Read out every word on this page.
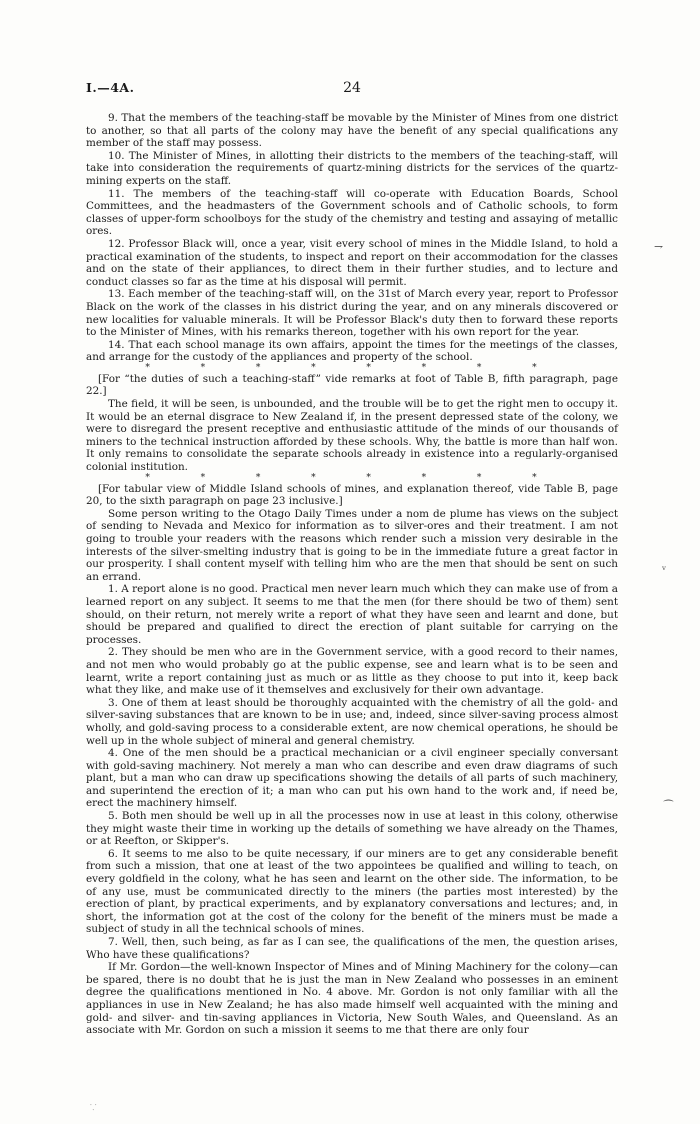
I.—4A.	24

9. That the members of the teaching-staff be movable by the Minister of Mines from one district to another, so that all parts of the colony may have the benefit of any special qualifications any member of the staff may possess.

10. The Minister of Mines, in allotting their districts to the members of the teaching-staff, will take into consideration the requirements of quartz-mining districts for the services of the quartz-mining experts on the staff.

11. The members of the teaching-staff will co-operate with Education Boards, School Committees, and the headmasters of the Government schools and of Catholic schools, to form classes of upper-form schoolboys for the study of the chemistry and testing and assaying of metallic ores.

12. Professor Black will, once a year, visit every school of mines in the Middle Island, to hold a practical examination of the students, to inspect and report on their accommodation for the classes and on the state of their appliances, to direct them in their further studies, and to lecture and conduct classes so far as the time at his disposal will permit.

13. Each member of the teaching-staff will, on the 31st of March every year, report to Professor Black on the work of the classes in his district during the year, and on any minerals discovered or new localities for valuable minerals. It will be Professor Black's duty then to forward these reports to the Minister of Mines, with his remarks thereon, together with his own report for the year.

14. That each school manage its own affairs, appoint the times for the meetings of the classes, and arrange for the custody of the appliances and property of the school.

*	*	*	*	*	*	*	*

[For “the duties of such a teaching-staff” vide remarks at foot of Table B, fifth paragraph, page 22.]

The field, it will be seen, is unbounded, and the trouble will be to get the right men to occupy it. It would be an eternal disgrace to New Zealand if, in the present depressed state of the colony, we were to disregard the present receptive and enthusiastic attitude of the minds of our thousands of miners to the technical instruction afforded by these schools. Why, the battle is more than half won. It only remains to consolidate the separate schools already in existence into a regularly-organised colonial institution.

*	*	*	*	*	*	*	*

[For tabular view of Middle Island schools of mines, and explanation thereof, vide Table B, page 20, to the sixth paragraph on page 23 inclusive.]

Some person writing to the Otago Daily Times under a nom de plume has views on the subject of sending to Nevada and Mexico for information as to silver-ores and their treatment. I am not going to trouble your readers with the reasons which render such a mission very desirable in the interests of the silver-smelting industry that is going to be in the immediate future a great factor in our prosperity. I shall content myself with telling him who are the men that should be sent on such an errand.

1. A report alone is no good. Practical men never learn much which they can make use of from a learned report on any subject. It seems to me that the men (for there should be two of them) sent should, on their return, not merely write a report of what they have seen and learnt and done, but should be prepared and qualified to direct the erection of plant suitable for carrying on the processes.

2. They should be men who are in the Government service, with a good record to their names, and not men who would probably go at the public expense, see and learn what is to be seen and learnt, write a report containing just as much or as little as they choose to put into it, keep back what they like, and make use of it themselves and exclusively for their own advantage.

3. One of them at least should be thoroughly acquainted with the chemistry of all the gold- and silver-saving substances that are known to be in use; and, indeed, since silver-saving process almost wholly, and gold-saving process to a considerable extent, are now chemical operations, he should be well up in the whole subject of mineral and general chemistry.

4. One of the men should be a practical mechanician or a civil engineer specially conversant with gold-saving machinery. Not merely a man who can describe and even draw diagrams of such plant, but a man who can draw up specifications showing the details of all parts of such machinery, and superintend the erection of it; a man who can put his own hand to the work and, if need be, erect the machinery himself.

5. Both men should be well up in all the processes now in use at least in this colony, otherwise they might waste their time in working up the details of something we have already on the Thames, or at Reefton, or Skipper's.

6. It seems to me also to be quite necessary, if our miners are to get any considerable benefit from such a mission, that one at least of the two appointees be qualified and willing to teach, on every goldfield in the colony, what he has seen and learnt on the other side. The information, to be of any use, must be communicated directly to the miners (the parties most interested) by the erection of plant, by practical experiments, and by explanatory conversations and lectures; and, in short, the information got at the cost of the colony for the benefit of the miners must be made a subject of study in all the technical schools of mines.

7. Well, then, such being, as far as I can see, the qualifications of the men, the question arises, Who have these qualifications?

If Mr. Gordon—the well-known Inspector of Mines and of Mining Machinery for the colony—can be spared, there is no doubt that he is just the man in New Zealand who possesses in an eminent degree the qualifications mentioned in No. 4 above. Mr. Gordon is not only familiar with all the appliances in use in New Zealand; he has also made himself well acquainted with the mining and gold- and silver- and tin-saving appliances in Victoria, New South Wales, and Queensland. As an associate with Mr. Gordon on such a mission it seems to me that there are only four

⇁
ᵥ
⁀
⸪
